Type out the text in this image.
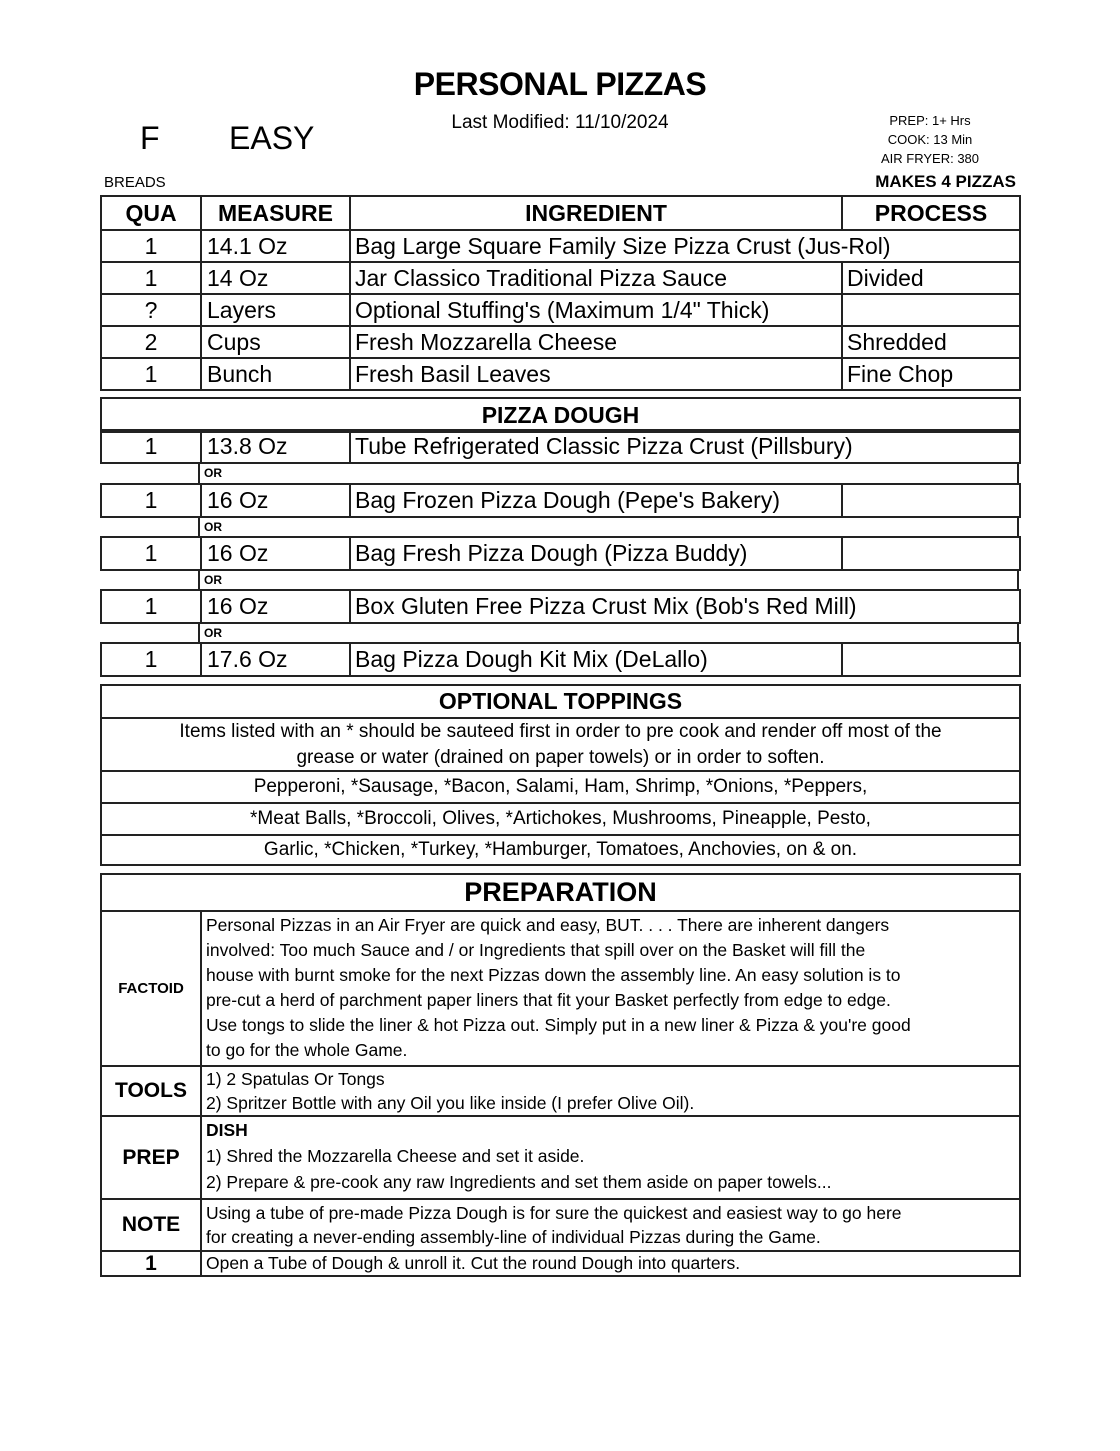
PERSONAL PIZZAS
Last Modified: 11/10/2024
F EASY	PREP: 1+ Hrs
COOK: 13 Min
AIR FRYER: 380
BREADS	MAKES 4 PIZZAS
QUA	MEASURE	INGREDIENT	PROCESS
1	14.1 Oz	Bag Large Square Family Size Pizza Crust (Jus-Rol)
1	14 Oz	Jar Classico Traditional Pizza Sauce	Divided
?	Layers	Optional Stuffing's (Maximum 1/4" Thick)
2	Cups	Fresh Mozzarella Cheese	Shredded
1	Bunch	Fresh Basil Leaves	Fine Chop
PIZZA DOUGH
1	13.8 Oz	Tube Refrigerated Classic Pizza Crust (Pillsbury)
OR
1	16 Oz	Bag Frozen Pizza Dough (Pepe's Bakery)
OR
1	16 Oz	Bag Fresh Pizza Dough (Pizza Buddy)
OR
1	16 Oz	Box Gluten Free Pizza Crust Mix (Bob's Red Mill)
OR
1	17.6 Oz	Bag Pizza Dough Kit Mix (DeLallo)
OPTIONAL TOPPINGS
Items listed with an * should be sauteed first in order to pre cook and render off most of the
grease or water (drained on paper towels) or in order to soften.
Pepperoni, *Sausage, *Bacon, Salami, Ham, Shrimp, *Onions, *Peppers,
*Meat Balls, *Broccoli, Olives, *Artichokes, Mushrooms, Pineapple, Pesto,
Garlic, *Chicken, *Turkey, *Hamburger, Tomatoes, Anchovies, on & on.
PREPARATION
FACTOID
Personal Pizzas in an Air Fryer are quick and easy, BUT. . . . There are inherent dangers
involved: Too much Sauce and / or Ingredients that spill over on the Basket will fill the
house with burnt smoke for the next Pizzas down the assembly line. An easy solution is to
pre-cut a herd of parchment paper liners that fit your Basket perfectly from edge to edge.
Use tongs to slide the liner & hot Pizza out. Simply put in a new liner & Pizza & you're good
to go for the whole Game.
TOOLS	1) 2 Spatulas Or Tongs
2) Spritzer Bottle with any Oil you like inside (I prefer Olive Oil).
PREP
DISH
1) Shred the Mozzarella Cheese and set it aside.
2) Prepare & pre-cook any raw Ingredients and set them aside on paper towels...
NOTE	Using a tube of pre-made Pizza Dough is for sure the quickest and easiest way to go here
for creating a never-ending assembly-line of individual Pizzas during the Game.
1	Open a Tube of Dough & unroll it. Cut the round Dough into quarters.
